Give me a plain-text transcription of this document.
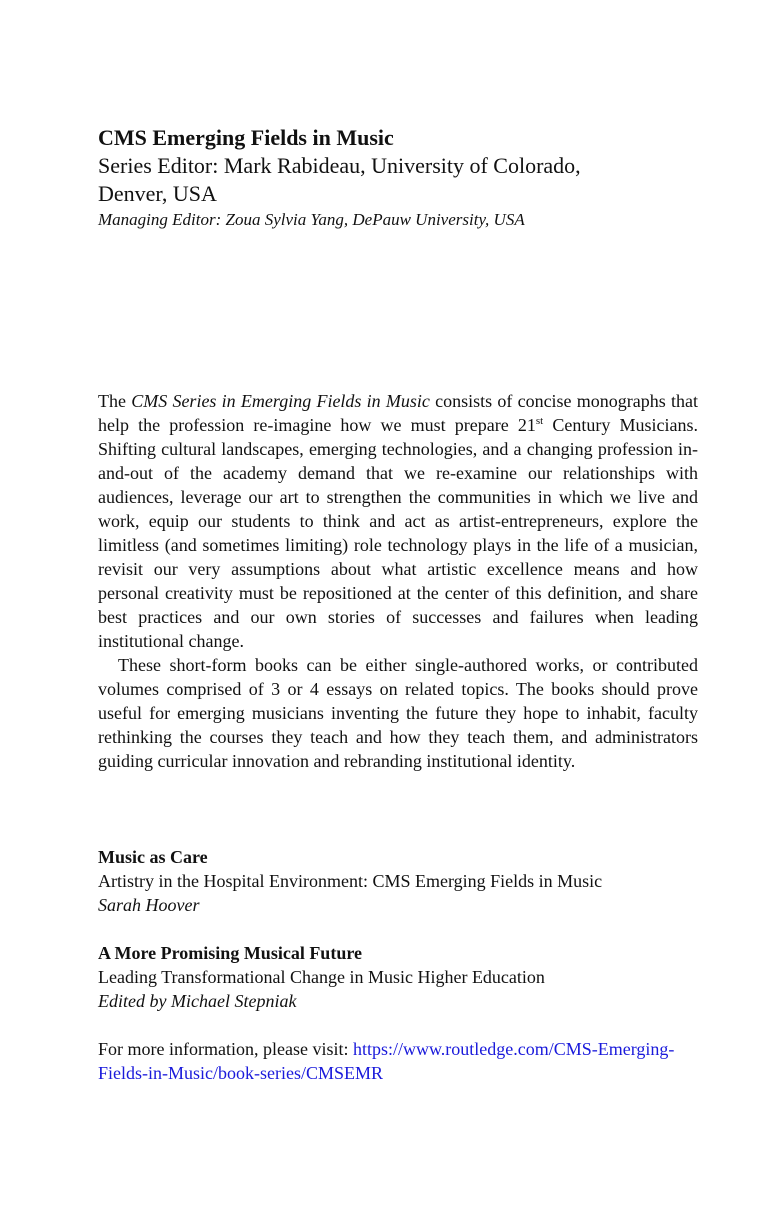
CMS Emerging Fields in Music

Series Editor: Mark Rabideau, University of Colorado,

Denver, USA

Managing Editor: Zoua Sylvia Yang, DePauw University, USA

The CMS Series in Emerging Fields in Music consists of concise monographs that help the profession re-imagine how we must prepare 21st Century Musicians. Shifting cultural landscapes, emerging technologies, and a changing profession in-and-out of the academy demand that we re-examine our relationships with audiences, leverage our art to strengthen the communities in which we live and work, equip our students to think and act as artist-entrepreneurs, explore the limitless (and sometimes limiting) role technology plays in the life of a musician, revisit our very assumptions about what artistic excellence means and how personal creativity must be repositioned at the center of this definition, and share best practices and our own stories of successes and failures when leading institutional change.

These short-form books can be either single-authored works, or contributed volumes comprised of 3 or 4 essays on related topics. The books should prove useful for emerging musicians inventing the future they hope to inhabit, faculty rethinking the courses they teach and how they teach them, and administrators guiding curricular innovation and rebranding institutional identity.

Music as Care
Artistry in the Hospital Environment: CMS Emerging Fields in Music
Sarah Hoover
A More Promising Musical Future
Leading Transformational Change in Music Higher Education
Edited by Michael Stepniak
For more information, please visit: https://www.routledge.com/CMS-Emerging-Fields-in-Music/book-series/CMSEMR
